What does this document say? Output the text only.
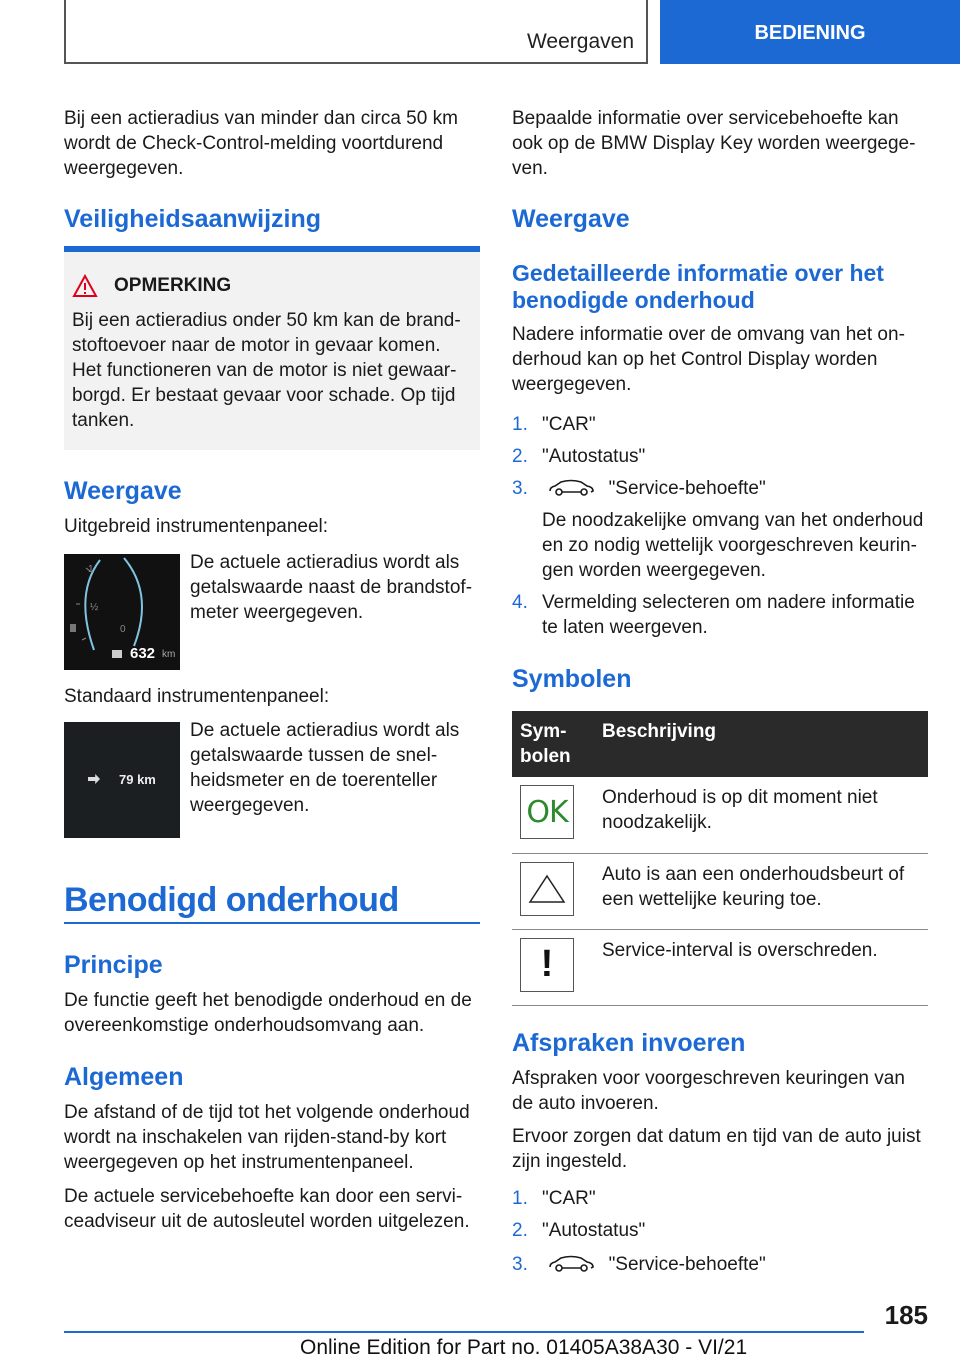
Weergaven	BEDIENING

Bij een actieradius van minder dan circa 50 km wordt de Check-Control-melding voortdurend weergegeven.

Veiligheidsaanwijzing
OPMERKING

Bij een actieradius onder 50 km kan de brandstoftoevoer naar de motor in gevaar komen. Het functioneren van de motor is niet gewaarborgd. Er bestaat gevaar voor schade. Op tijd tanken.

Weergave

Uitgebreid instrumentenpaneel:

1
½
0
632 km

De actuele actieradius wordt als getalswaarde naast de brandstofmeter weergegeven.

Standaard instrumentenpaneel:

79 km

De actuele actieradius wordt als getalswaarde tussen de snelheidsmeter en de toerenteller weergegeven.

Benodigd onderhoud
Principe

De functie geeft het benodigde onderhoud en de overeenkomstige onderhoudsomvang aan.

Algemeen

De afstand of de tijd tot het volgende onderhoud wordt na inschakelen van rijden-stand-by kort weergegeven op het instrumentenpaneel.

De actuele servicebehoefte kan door een serviceadviseur uit de autosleutel worden uitgelezen.

Bepaalde informatie over servicebehoefte kan ook op de BMW Display Key worden weergegeven.

Weergave
Gedetailleerde informatie over het benodigde onderhoud

Nadere informatie over de omvang van het onderhoud kan op het Control Display worden weergegeven.

1. "CAR"
2. "Autostatus"
3.	"Service-behoefte"

De noodzakelijke omvang van het onderhoud en zo nodig wettelijk voorgeschreven keuringen worden weergegeven.

4. Vermelding selecteren om nadere informatie te laten weergeven.
Symbolen
Symbolen	Beschrijving

OK	Onderhoud is op dit moment niet noodzakelijk.

	Auto is aan een onderhoudsbeurt of een wettelijke keuring toe.

!	Service-interval is overschreden.
Afspraken invoeren

Afspraken voor voorgeschreven keuringen van de auto invoeren.

Ervoor zorgen dat datum en tijd van de auto juist zijn ingesteld.

1. "CAR"
2. "Autostatus"
3.	"Service-behoefte"
185
Online Edition for Part no. 01405A38A30 - VI/21
